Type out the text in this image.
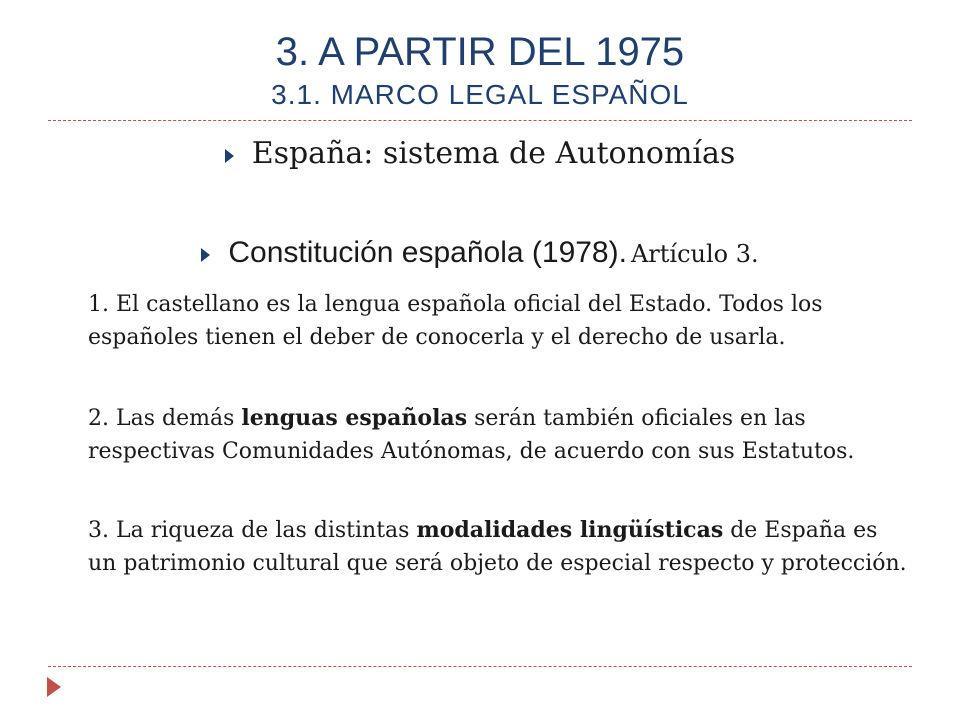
3. A PARTIR DEL 1975
3.1. MARCO LEGAL ESPAÑOL
España: sistema de Autonomías
Constitución española (1978). Artículo 3.
1. El castellano es la lengua española oficial del Estado. Todos los españoles tienen el deber de conocerla y el derecho de usarla.
2. Las demás lenguas españolas serán también oficiales en las respectivas Comunidades Autónomas, de acuerdo con sus Estatutos.
3. La riqueza de las distintas modalidades lingüísticas de España es un patrimonio cultural que será objeto de especial respecto y protección.
